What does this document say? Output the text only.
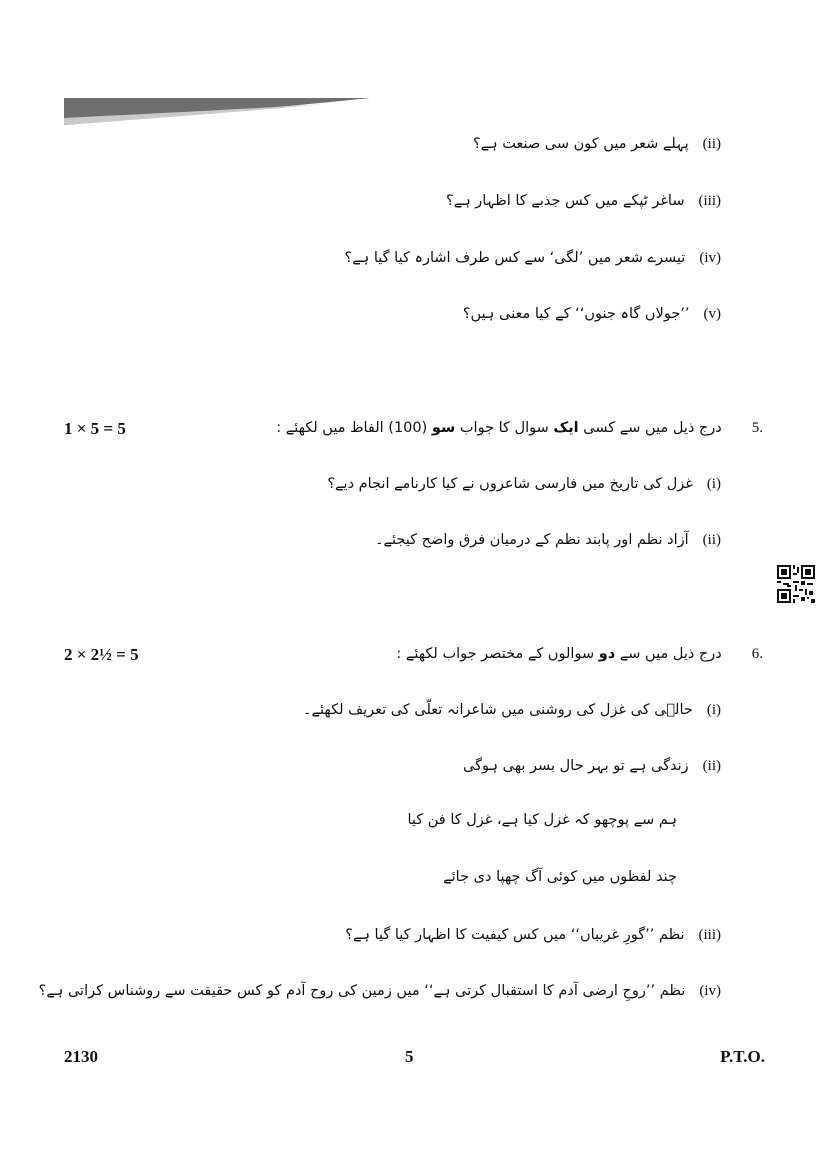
(ii)
پہلے شعر میں کون سی صنعت ہے؟
(iii)
ساغر ٹپکے میں کس جذبے کا اظہار ہے؟
(iv)
تیسرے شعر میں ’لگی‘ سے کس طرف اشارہ کیا گیا ہے؟
(v)
’’جولاں گاہ جنوں‘‘ کے کیا معنی ہیں؟
1 × 5 = 5	.5
درج ذیل میں سے کسی ایک سوال کا جواب سو (100) الفاظ میں لکھئے :
(i)
غزل کی تاریخ میں فارسی شاعروں نے کیا کارنامے انجام دیے؟
(ii)
آزاد نظم اور پابند نظم کے درمیان فرق واضح کیجئے۔
2 × 2½ = 5	.6
درج ذیل میں سے دو سوالوں کے مختصر جواب لکھئے :
(i)
حالؔی کی غزل کی روشنی میں شاعرانہ تعلّی کی تعریف لکھئے۔
(ii)
زندگی ہے تو بہر حال بسر بھی ہوگی
ہم سے پوچھو کہ غزل کیا ہے، غزل کا فن کیا
چند لفظوں میں کوئی آگ چھپا دی جائے
(iii)
نظم ’’گورِ غریباں‘‘ میں کس کیفیت کا اظہار کیا گیا ہے؟
(iv)
نظم ’’روحِ ارضی آدم کا استقبال کرتی ہے‘‘ میں زمین کی روح آدم کو کس حقیقت سے روشناس کراتی ہے؟
2130	5	P.T.O.
